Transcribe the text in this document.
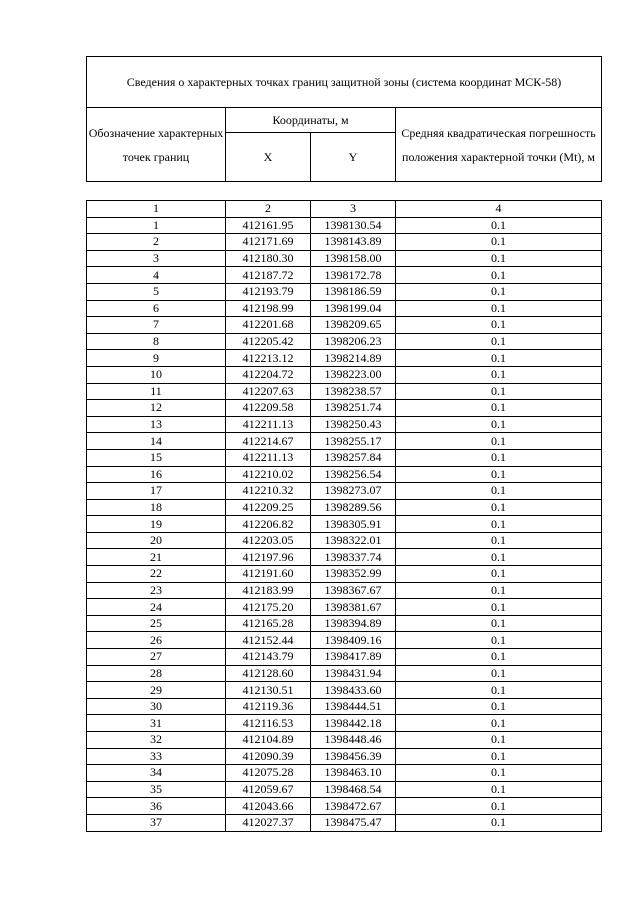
Сведения о характерных точках границ защитной зоны (система координат МСК-58)			
Обозначение характерных точек границ	Координаты, м		Средняя квадратическая погрешность положения характерной точки (Mt), м
	X	Y	
1	2	3	4
1	412161.95	1398130.54	0.1
2	412171.69	1398143.89	0.1
3	412180.30	1398158.00	0.1
4	412187.72	1398172.78	0.1
5	412193.79	1398186.59	0.1
6	412198.99	1398199.04	0.1
7	412201.68	1398209.65	0.1
8	412205.42	1398206.23	0.1
9	412213.12	1398214.89	0.1
10	412204.72	1398223.00	0.1
11	412207.63	1398238.57	0.1
12	412209.58	1398251.74	0.1
13	412211.13	1398250.43	0.1
14	412214.67	1398255.17	0.1
15	412211.13	1398257.84	0.1
16	412210.02	1398256.54	0.1
17	412210.32	1398273.07	0.1
18	412209.25	1398289.56	0.1
19	412206.82	1398305.91	0.1
20	412203.05	1398322.01	0.1
21	412197.96	1398337.74	0.1
22	412191.60	1398352.99	0.1
23	412183.99	1398367.67	0.1
24	412175.20	1398381.67	0.1
25	412165.28	1398394.89	0.1
26	412152.44	1398409.16	0.1
27	412143.79	1398417.89	0.1
28	412128.60	1398431.94	0.1
29	412130.51	1398433.60	0.1
30	412119.36	1398444.51	0.1
31	412116.53	1398442.18	0.1
32	412104.89	1398448.46	0.1
33	412090.39	1398456.39	0.1
34	412075.28	1398463.10	0.1
35	412059.67	1398468.54	0.1
36	412043.66	1398472.67	0.1
37	412027.37	1398475.47	0.1
